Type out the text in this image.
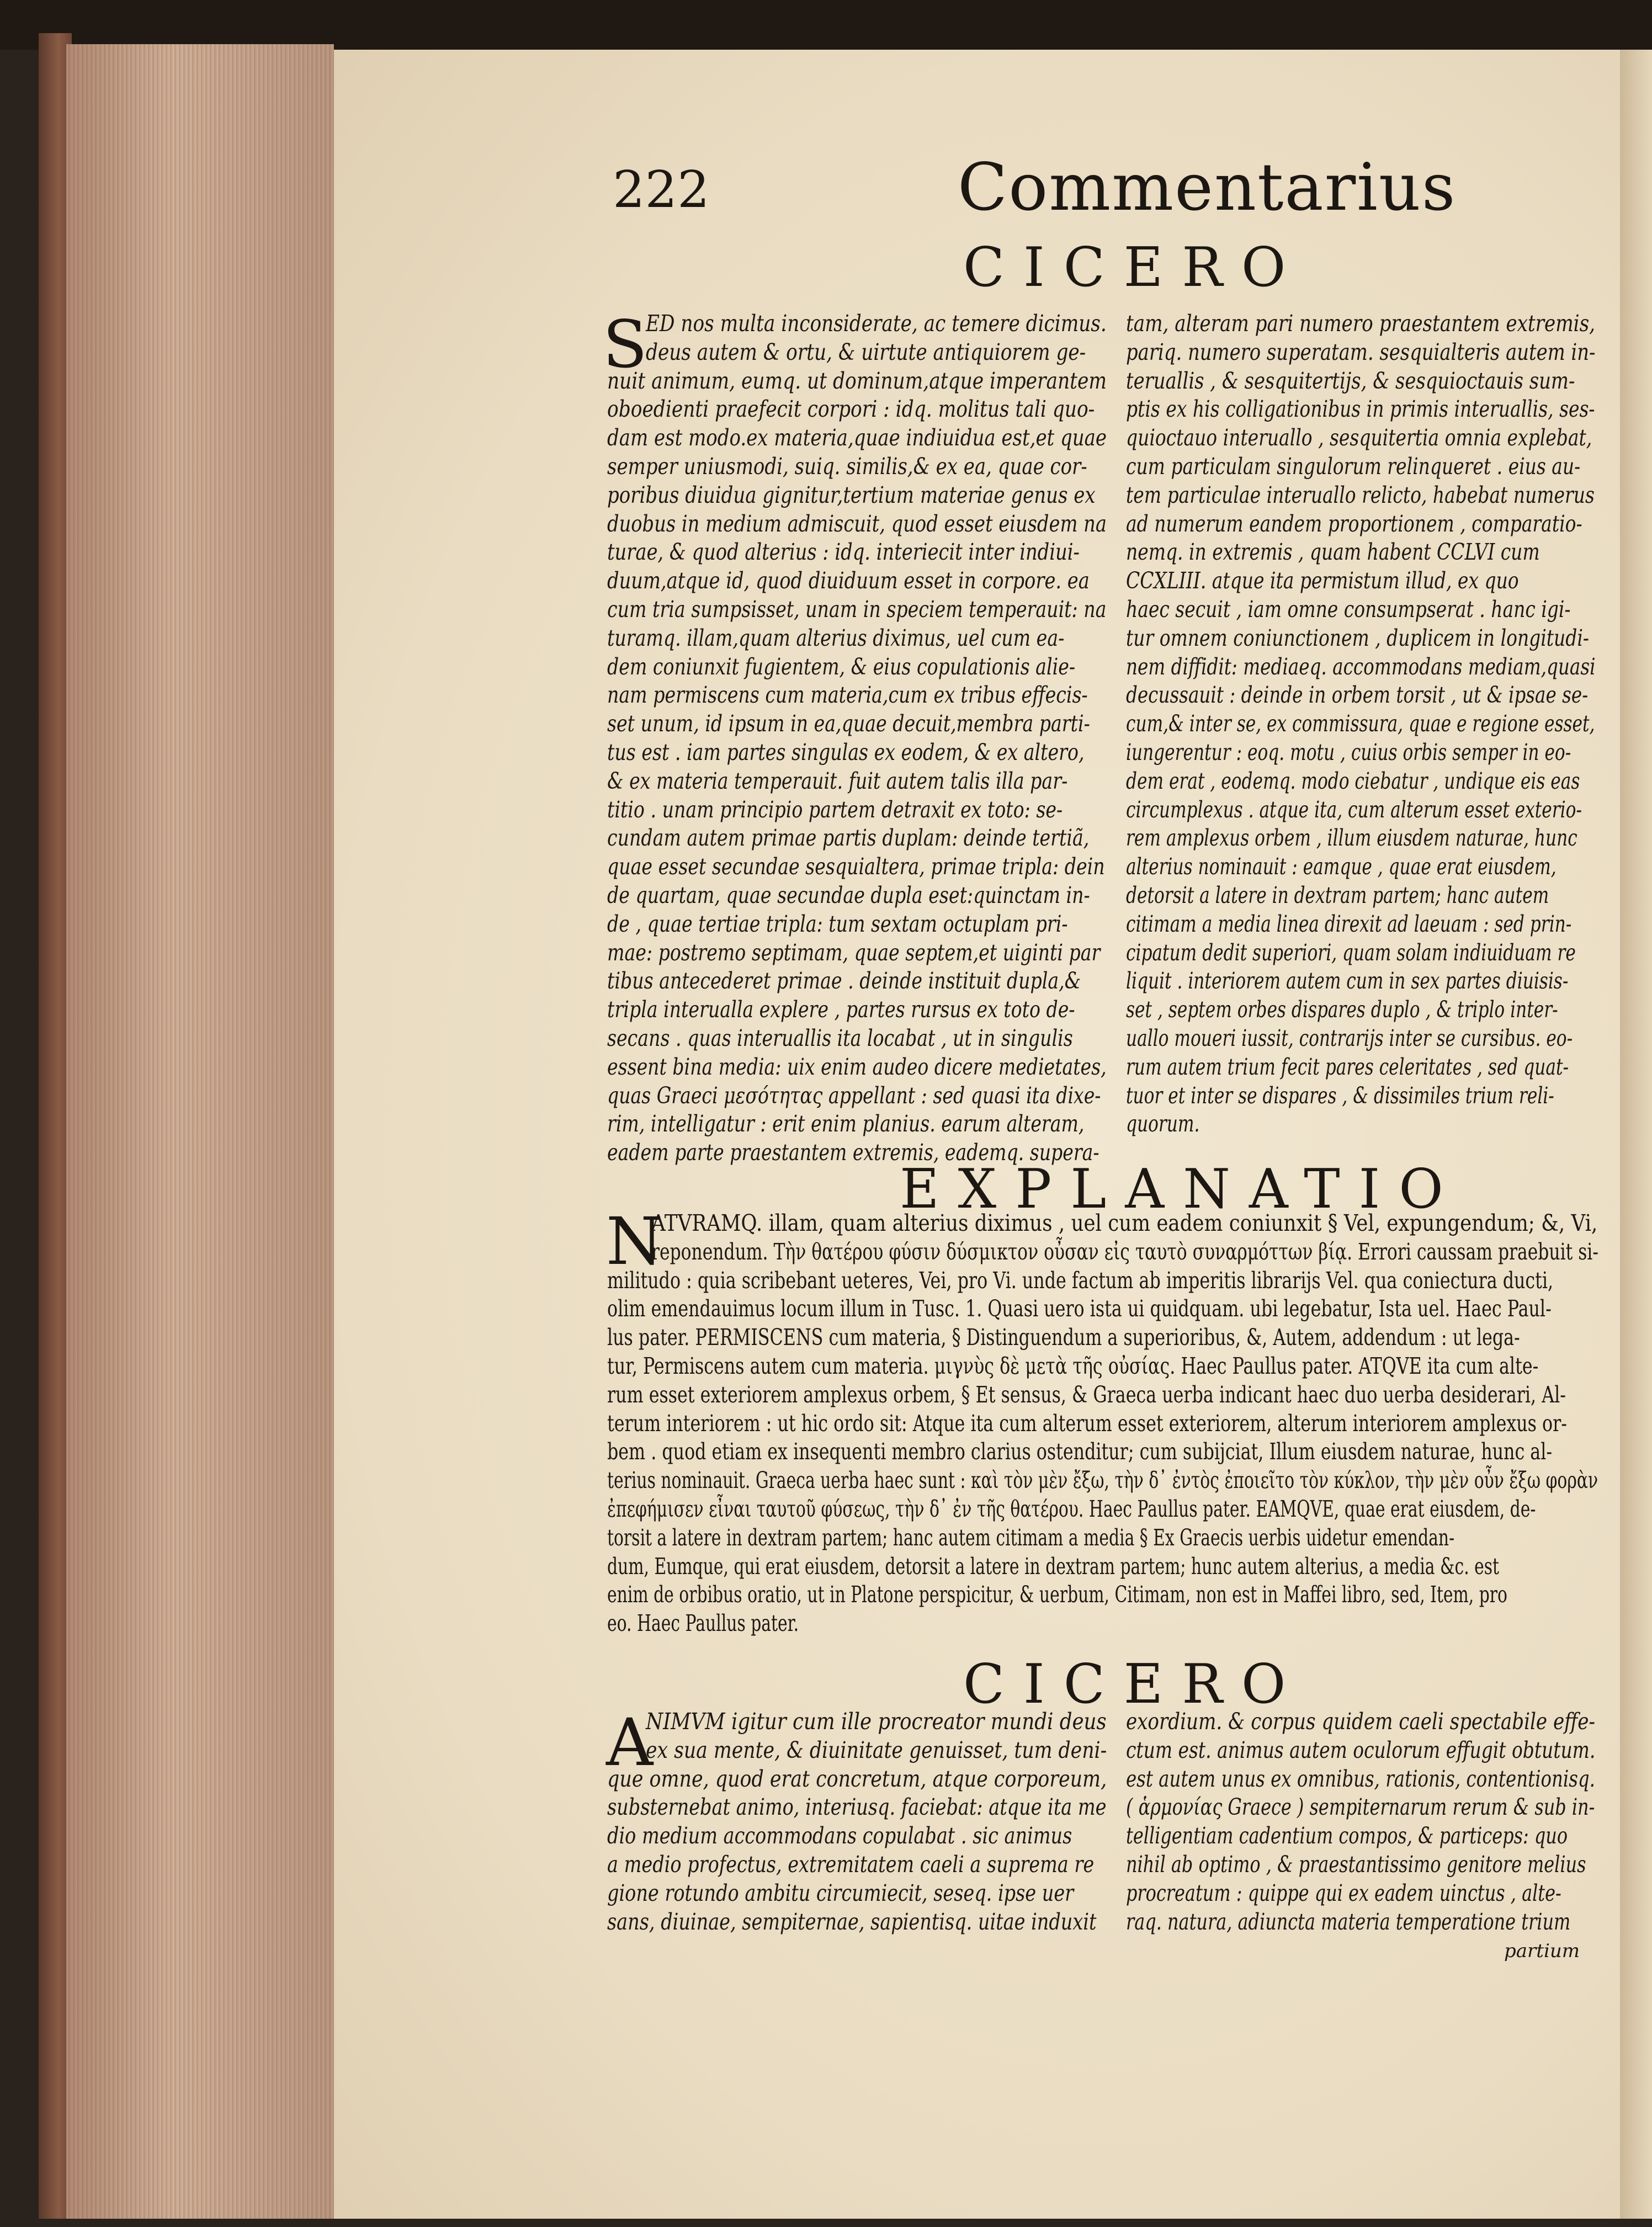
222	Commentarius
CICERO
S
ED nos multa inconsiderate, ac temere dicimus.
deus autem & ortu, & uirtute antiquiorem ge-
nuit animum, eumq. ut dominum,atque imperantem
oboedienti praefecit corpori : idq. molitus tali quo-
dam est modo.ex materia,quae indiuidua est,et quae
semper uniusmodi, suiq. similis,& ex ea, quae cor-
poribus diuidua gignitur,tertium materiae genus ex
duobus in medium admiscuit, quod esset eiusdem na
turae, & quod alterius : idq. interiecit inter indiui-
duum,atque id, quod diuiduum esset in corpore. ea
cum tria sumpsisset, unam in speciem temperauit: na
turamq. illam,quam alterius diximus, uel cum ea-
dem coniunxit fugientem, & eius copulationis alie-
nam permiscens cum materia,cum ex tribus effecis-
set unum, id ipsum in ea,quae decuit,membra parti-
tus est . iam partes singulas ex eodem, & ex altero,
& ex materia temperauit. fuit autem talis illa par-
titio . unam principio partem detraxit ex toto: se-
cundam autem primae partis duplam: deinde tertiã,
quae esset secundae sesquialtera, primae tripla: dein
de quartam, quae secundae dupla eset:quinctam in-
de , quae tertiae tripla: tum sextam octuplam pri-
mae: postremo septimam, quae septem,et uiginti par
tibus antecederet primae . deinde instituit dupla,&
tripla interualla explere , partes rursus ex toto de-
secans . quas interuallis ita locabat , ut in singulis
essent bina media: uix enim audeo dicere medietates,
quas Graeci μεσότητας appellant : sed quasi ita dixe-
rim, intelligatur : erit enim planius. earum alteram,
eadem parte praestantem extremis, eademq. supera-
tam, alteram pari numero praestantem extremis,
pariq. numero superatam. sesquialteris autem in-
teruallis , & sesquitertijs, & sesquioctauis sum-
ptis ex his colligationibus in primis interuallis, ses-
quioctauo interuallo , sesquitertia omnia explebat,
cum particulam singulorum relinqueret . eius au-
tem particulae interuallo relicto, habebat numerus
ad numerum eandem proportionem , comparatio-
nemq. in extremis , quam habent CCLVI cum
CCXLIII. atque ita permistum illud, ex quo
haec secuit , iam omne consumpserat . hanc igi-
tur omnem coniunctionem , duplicem in longitudi-
nem diffidit: mediaeq. accommodans mediam,quasi
decussauit : deinde in orbem torsit , ut & ipsae se-
cum,& inter se, ex commissura, quae e regione esset,
iungerentur : eoq. motu , cuius orbis semper in eo-
dem erat , eodemq. modo ciebatur , undique eis eas
circumplexus . atque ita, cum alterum esset exterio-
rem amplexus orbem , illum eiusdem naturae, hunc
alterius nominauit : eamque , quae erat eiusdem,
detorsit a latere in dextram partem; hanc autem
citimam a media linea direxit ad laeuam : sed prin-
cipatum dedit superiori, quam solam indiuiduam re
liquit . interiorem autem cum in sex partes diuisis-
set , septem orbes dispares duplo , & triplo inter-
uallo moueri iussit, contrarijs inter se cursibus. eo-
rum autem trium fecit pares celeritates , sed quat-
tuor et inter se dispares , & dissimiles trium reli-
quorum.
EXPLANATIO
N
ATVRAMQ. illam, quam alterius diximus , uel cum eadem coniunxit § Vel, expungendum; &, Vi,
reponendum. Τὴν θατέρου φύσιν δύσμικτον οὖσαν εἰς ταυτὸ συναρμόττων βίᾳ. Errori caussam praebuit si-
militudo : quia scribebant ueteres, Vei, pro Vi. unde factum ab imperitis librarijs Vel. qua coniectura ducti,
olim emendauimus locum illum in Tusc. 1. Quasi uero ista ui quidquam. ubi legebatur, Ista uel. Haec Paul-
lus pater. PERMISCENS cum materia, § Distinguendum a superioribus, &, Autem, addendum : ut lega-
tur, Permiscens autem cum materia. μιγνὺς δὲ μετὰ τῆς οὐσίας. Haec Paullus pater. ATQVE ita cum alte-
rum esset exteriorem amplexus orbem, § Et sensus, & Graeca uerba indicant haec duo uerba desiderari, Al-
terum interiorem : ut hic ordo sit: Atque ita cum alterum esset exteriorem, alterum interiorem amplexus or-
bem . quod etiam ex insequenti membro clarius ostenditur; cum subijciat, Illum eiusdem naturae, hunc al-
terius nominauit. Graeca uerba haec sunt : καὶ τὸν μὲν ἔξω, τὴν δ᾽ ἐντὸς ἐποιεῖτο τὸν κύκλον, τὴν μὲν οὖν ἔξω φορὰν
ἐπεφήμισεν εἶναι ταυτοῦ φύσεως, τὴν δ᾽ ἐν τῆς θατέρου. Haec Paullus pater. EAMQVE, quae erat eiusdem, de-
torsit a latere in dextram partem; hanc autem citimam a media § Ex Graecis uerbis uidetur emendan-
dum, Eumque, qui erat eiusdem, detorsit a latere in dextram partem; hunc autem alterius, a media &c. est
enim de orbibus oratio, ut in Platone perspicitur, & uerbum, Citimam, non est in Maffei libro, sed, Item, pro
eo. Haec Paullus pater.
CICERO
A
NIMVM igitur cum ille procreator mundi deus
ex sua mente, & diuinitate genuisset, tum deni-
que omne, quod erat concretum, atque corporeum,
substernebat animo, interiusq. faciebat: atque ita me
dio medium accommodans copulabat . sic animus
a medio profectus, extremitatem caeli a suprema re
gione rotundo ambitu circumiecit, seseq. ipse uer
sans, diuinae, sempiternae, sapientisq. uitae induxit
exordium. & corpus quidem caeli spectabile effe-
ctum est. animus autem oculorum effugit obtutum.
est autem unus ex omnibus, rationis, contentionisq.
( ἁρμονίας Graece ) sempiternarum rerum & sub in-
telligentiam cadentium compos, & particeps: quo
nihil ab optimo , & praestantissimo genitore melius
procreatum : quippe qui ex eadem uinctus , alte-
raq. natura, adiuncta materia temperatione trium
partium
